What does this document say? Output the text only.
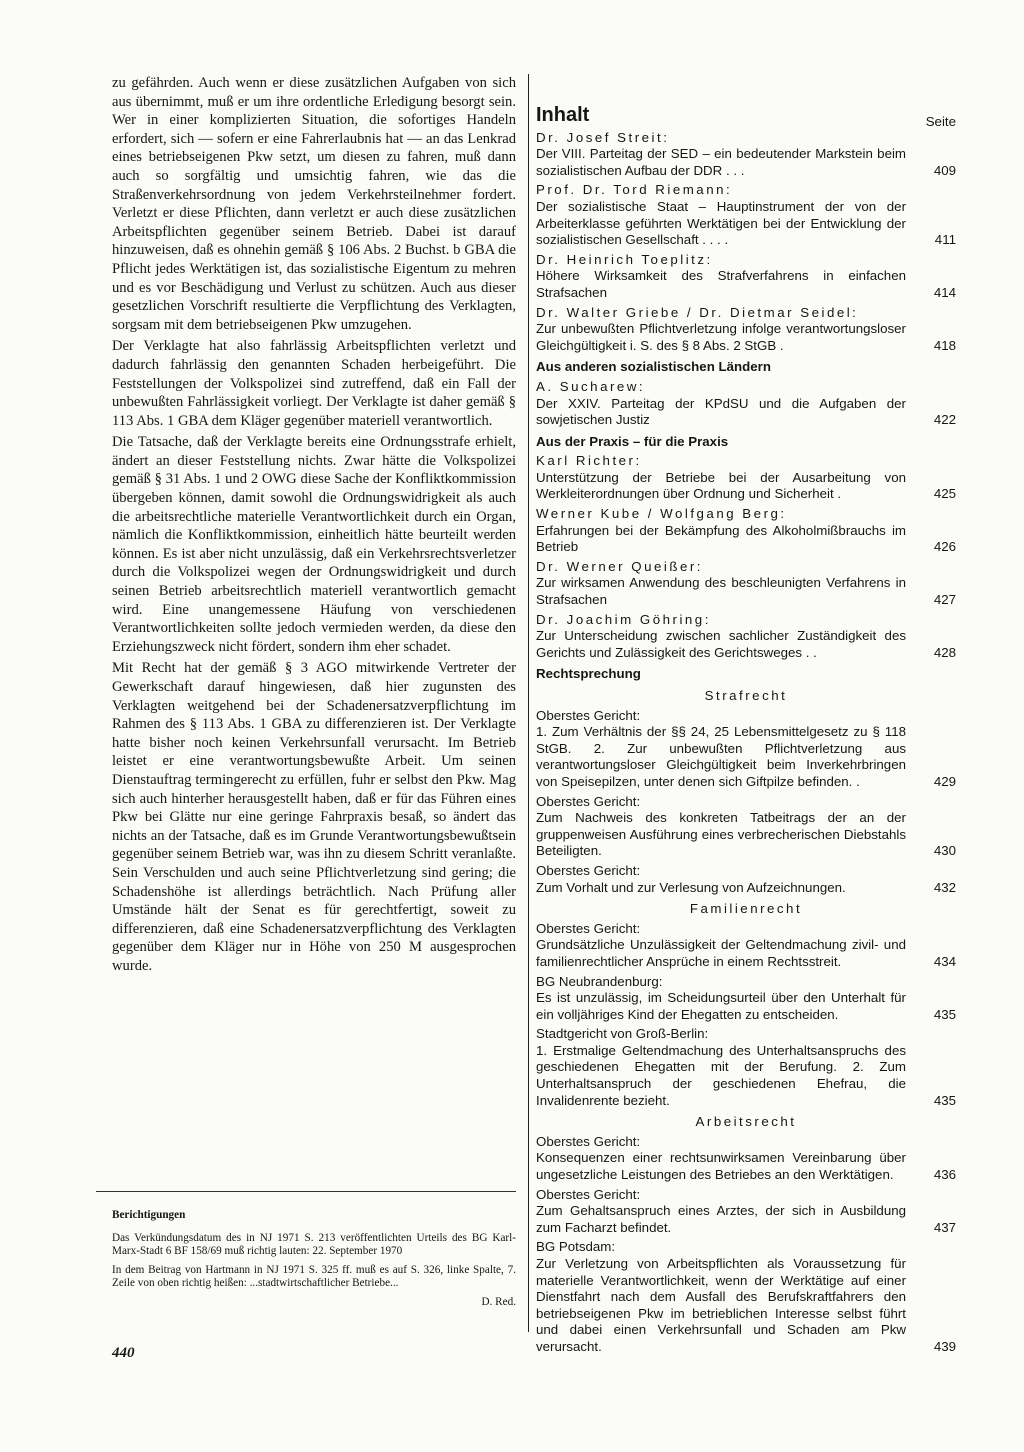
zu gefährden. Auch wenn er diese zusätzlichen Aufgaben von sich aus übernimmt, muß er um ihre ordentliche Erledigung besorgt sein. Wer in einer komplizierten Situation, die sofortiges Handeln erfordert, sich — sofern er eine Fahrerlaubnis hat — an das Lenkrad eines betriebseigenen Pkw setzt, um diesen zu fahren, muß dann auch so sorgfältig und umsichtig fahren, wie das die Straßenverkehrsordnung von jedem Verkehrsteilnehmer fordert. Verletzt er diese Pflichten, dann verletzt er auch diese zusätzlichen Arbeitspflichten gegenüber seinem Betrieb. Dabei ist darauf hinzuweisen, daß es ohnehin gemäß § 106 Abs. 2 Buchst. b GBA die Pflicht jedes Werktätigen ist, das sozialistische Eigentum zu mehren und es vor Beschädigung und Verlust zu schützen. Auch aus dieser gesetzlichen Vorschrift resultierte die Verpflichtung des Verklagten, sorgsam mit dem betriebseigenen Pkw umzugehen.

Der Verklagte hat also fahrlässig Arbeitspflichten verletzt und dadurch fahrlässig den genannten Schaden herbeigeführt. Die Feststellungen der Volkspolizei sind zutreffend, daß ein Fall der unbewußten Fahrlässigkeit vorliegt. Der Verklagte ist daher gemäß § 113 Abs. 1 GBA dem Kläger gegenüber materiell verantwortlich.

Die Tatsache, daß der Verklagte bereits eine Ordnungsstrafe erhielt, ändert an dieser Feststellung nichts. Zwar hätte die Volkspolizei gemäß § 31 Abs. 1 und 2 OWG diese Sache der Konfliktkommission übergeben können, damit sowohl die Ordnungswidrigkeit als auch die arbeitsrechtliche materielle Verantwortlichkeit durch ein Organ, nämlich die Konfliktkommission, einheitlich hätte beurteilt werden können. Es ist aber nicht unzulässig, daß ein Verkehrsrechtsverletzer durch die Volkspolizei wegen der Ordnungswidrigkeit und durch seinen Betrieb arbeitsrechtlich materiell verantwortlich gemacht wird. Eine unangemessene Häufung von verschiedenen Verantwortlichkeiten sollte jedoch vermieden werden, da diese den Erziehungszweck nicht fördert, sondern ihm eher schadet.

Mit Recht hat der gemäß § 3 AGO mitwirkende Vertreter der Gewerkschaft darauf hingewiesen, daß hier zugunsten des Verklagten weitgehend bei der Schadenersatzverpflichtung im Rahmen des § 113 Abs. 1 GBA zu differenzieren ist. Der Verklagte hatte bisher noch keinen Verkehrsunfall verursacht. Im Betrieb leistet er eine verantwortungsbewußte Arbeit. Um seinen Dienstauftrag termingerecht zu erfüllen, fuhr er selbst den Pkw. Mag sich auch hinterher herausgestellt haben, daß er für das Führen eines Pkw bei Glätte nur eine geringe Fahrpraxis besaß, so ändert das nichts an der Tatsache, daß es im Grunde Verantwortungsbewußtsein gegenüber seinem Betrieb war, was ihn zu diesem Schritt veranlaßte. Sein Verschulden und auch seine Pflichtverletzung sind gering; die Schadenshöhe ist allerdings beträchtlich. Nach Prüfung aller Umstände hält der Senat es für gerechtfertigt, soweit zu differenzieren, daß eine Schadenersatzverpflichtung des Verklagten gegenüber dem Kläger nur in Höhe von 250 M ausgesprochen wurde.

Berichtigungen
Das Verkündungsdatum des in NJ 1971 S. 213 veröffentlichten Urteils des BG Karl-Marx-Stadt 6 BF 158/69 muß richtig lauten: 22. September 1970
In dem Beitrag von Hartmann in NJ 1971 S. 325 ff. muß es auf S. 326, linke Spalte, 7. Zeile von oben richtig heißen: ...stadtwirtschaftlicher Betriebe...
D. Red.
440
Inhalt	Seite
Dr. Josef Streit:
Der VIII. Parteitag der SED – ein bedeutender Markstein beim sozialistischen Aufbau der DDR . . .	409
Prof. Dr. Tord Riemann:
Der sozialistische Staat – Hauptinstrument der von der Arbeiterklasse geführten Werktätigen bei der Entwicklung der sozialistischen Gesellschaft . . . .	411
Dr. Heinrich Toeplitz:
Höhere Wirksamkeit des Strafverfahrens in einfachen Strafsachen	414
Dr. Walter Griebe / Dr. Dietmar Seidel:
Zur unbewußten Pflichtverletzung infolge verantwortungsloser Gleichgültigkeit i. S. des § 8 Abs. 2 StGB .	418
Aus anderen sozialistischen Ländern
A. Sucharew:
Der XXIV. Parteitag der KPdSU und die Aufgaben der sowjetischen Justiz	422
Aus der Praxis – für die Praxis
Karl Richter:
Unterstützung der Betriebe bei der Ausarbeitung von Werkleiterordnungen über Ordnung und Sicherheit .	425
Werner Kube / Wolfgang Berg:
Erfahrungen bei der Bekämpfung des Alkoholmißbrauchs im Betrieb	426
Dr. Werner Queißer:
Zur wirksamen Anwendung des beschleunigten Verfahrens in Strafsachen	427
Dr. Joachim Göhring:
Zur Unterscheidung zwischen sachlicher Zuständigkeit des Gerichts und Zulässigkeit des Gerichtsweges . .	428
Rechtsprechung
Strafrecht
Oberstes Gericht:
1. Zum Verhältnis der §§ 24, 25 Lebensmittelgesetz zu § 118 StGB. 2. Zur unbewußten Pflichtverletzung aus verantwortungsloser Gleichgültigkeit beim Inverkehrbringen von Speisepilzen, unter denen sich Giftpilze befinden. .	429
Oberstes Gericht:
Zum Nachweis des konkreten Tatbeitrags der an der gruppenweisen Ausführung eines verbrecherischen Diebstahls Beteiligten.	430
Oberstes Gericht:
Zum Vorhalt und zur Verlesung von Aufzeichnungen.	432
Familienrecht
Oberstes Gericht:
Grundsätzliche Unzulässigkeit der Geltendmachung zivil- und familienrechtlicher Ansprüche in einem Rechtsstreit.	434
BG Neubrandenburg:
Es ist unzulässig, im Scheidungsurteil über den Unterhalt für ein volljähriges Kind der Ehegatten zu entscheiden.	435
Stadtgericht von Groß-Berlin:
1. Erstmalige Geltendmachung des Unterhaltsanspruchs des geschiedenen Ehegatten mit der Berufung. 2. Zum Unterhaltsanspruch der geschiedenen Ehefrau, die Invalidenrente bezieht.	435
Arbeitsrecht
Oberstes Gericht:
Konsequenzen einer rechtsunwirksamen Vereinbarung über ungesetzliche Leistungen des Betriebes an den Werktätigen.	436
Oberstes Gericht:
Zum Gehaltsanspruch eines Arztes, der sich in Ausbildung zum Facharzt befindet.	437
BG Potsdam:
Zur Verletzung von Arbeitspflichten als Voraussetzung für materielle Verantwortlichkeit, wenn der Werktätige auf einer Dienstfahrt nach dem Ausfall des Berufskraftfahrers den betriebseigenen Pkw im betrieblichen Interesse selbst führt und dabei einen Verkehrsunfall und Schaden am Pkw verursacht.	439
